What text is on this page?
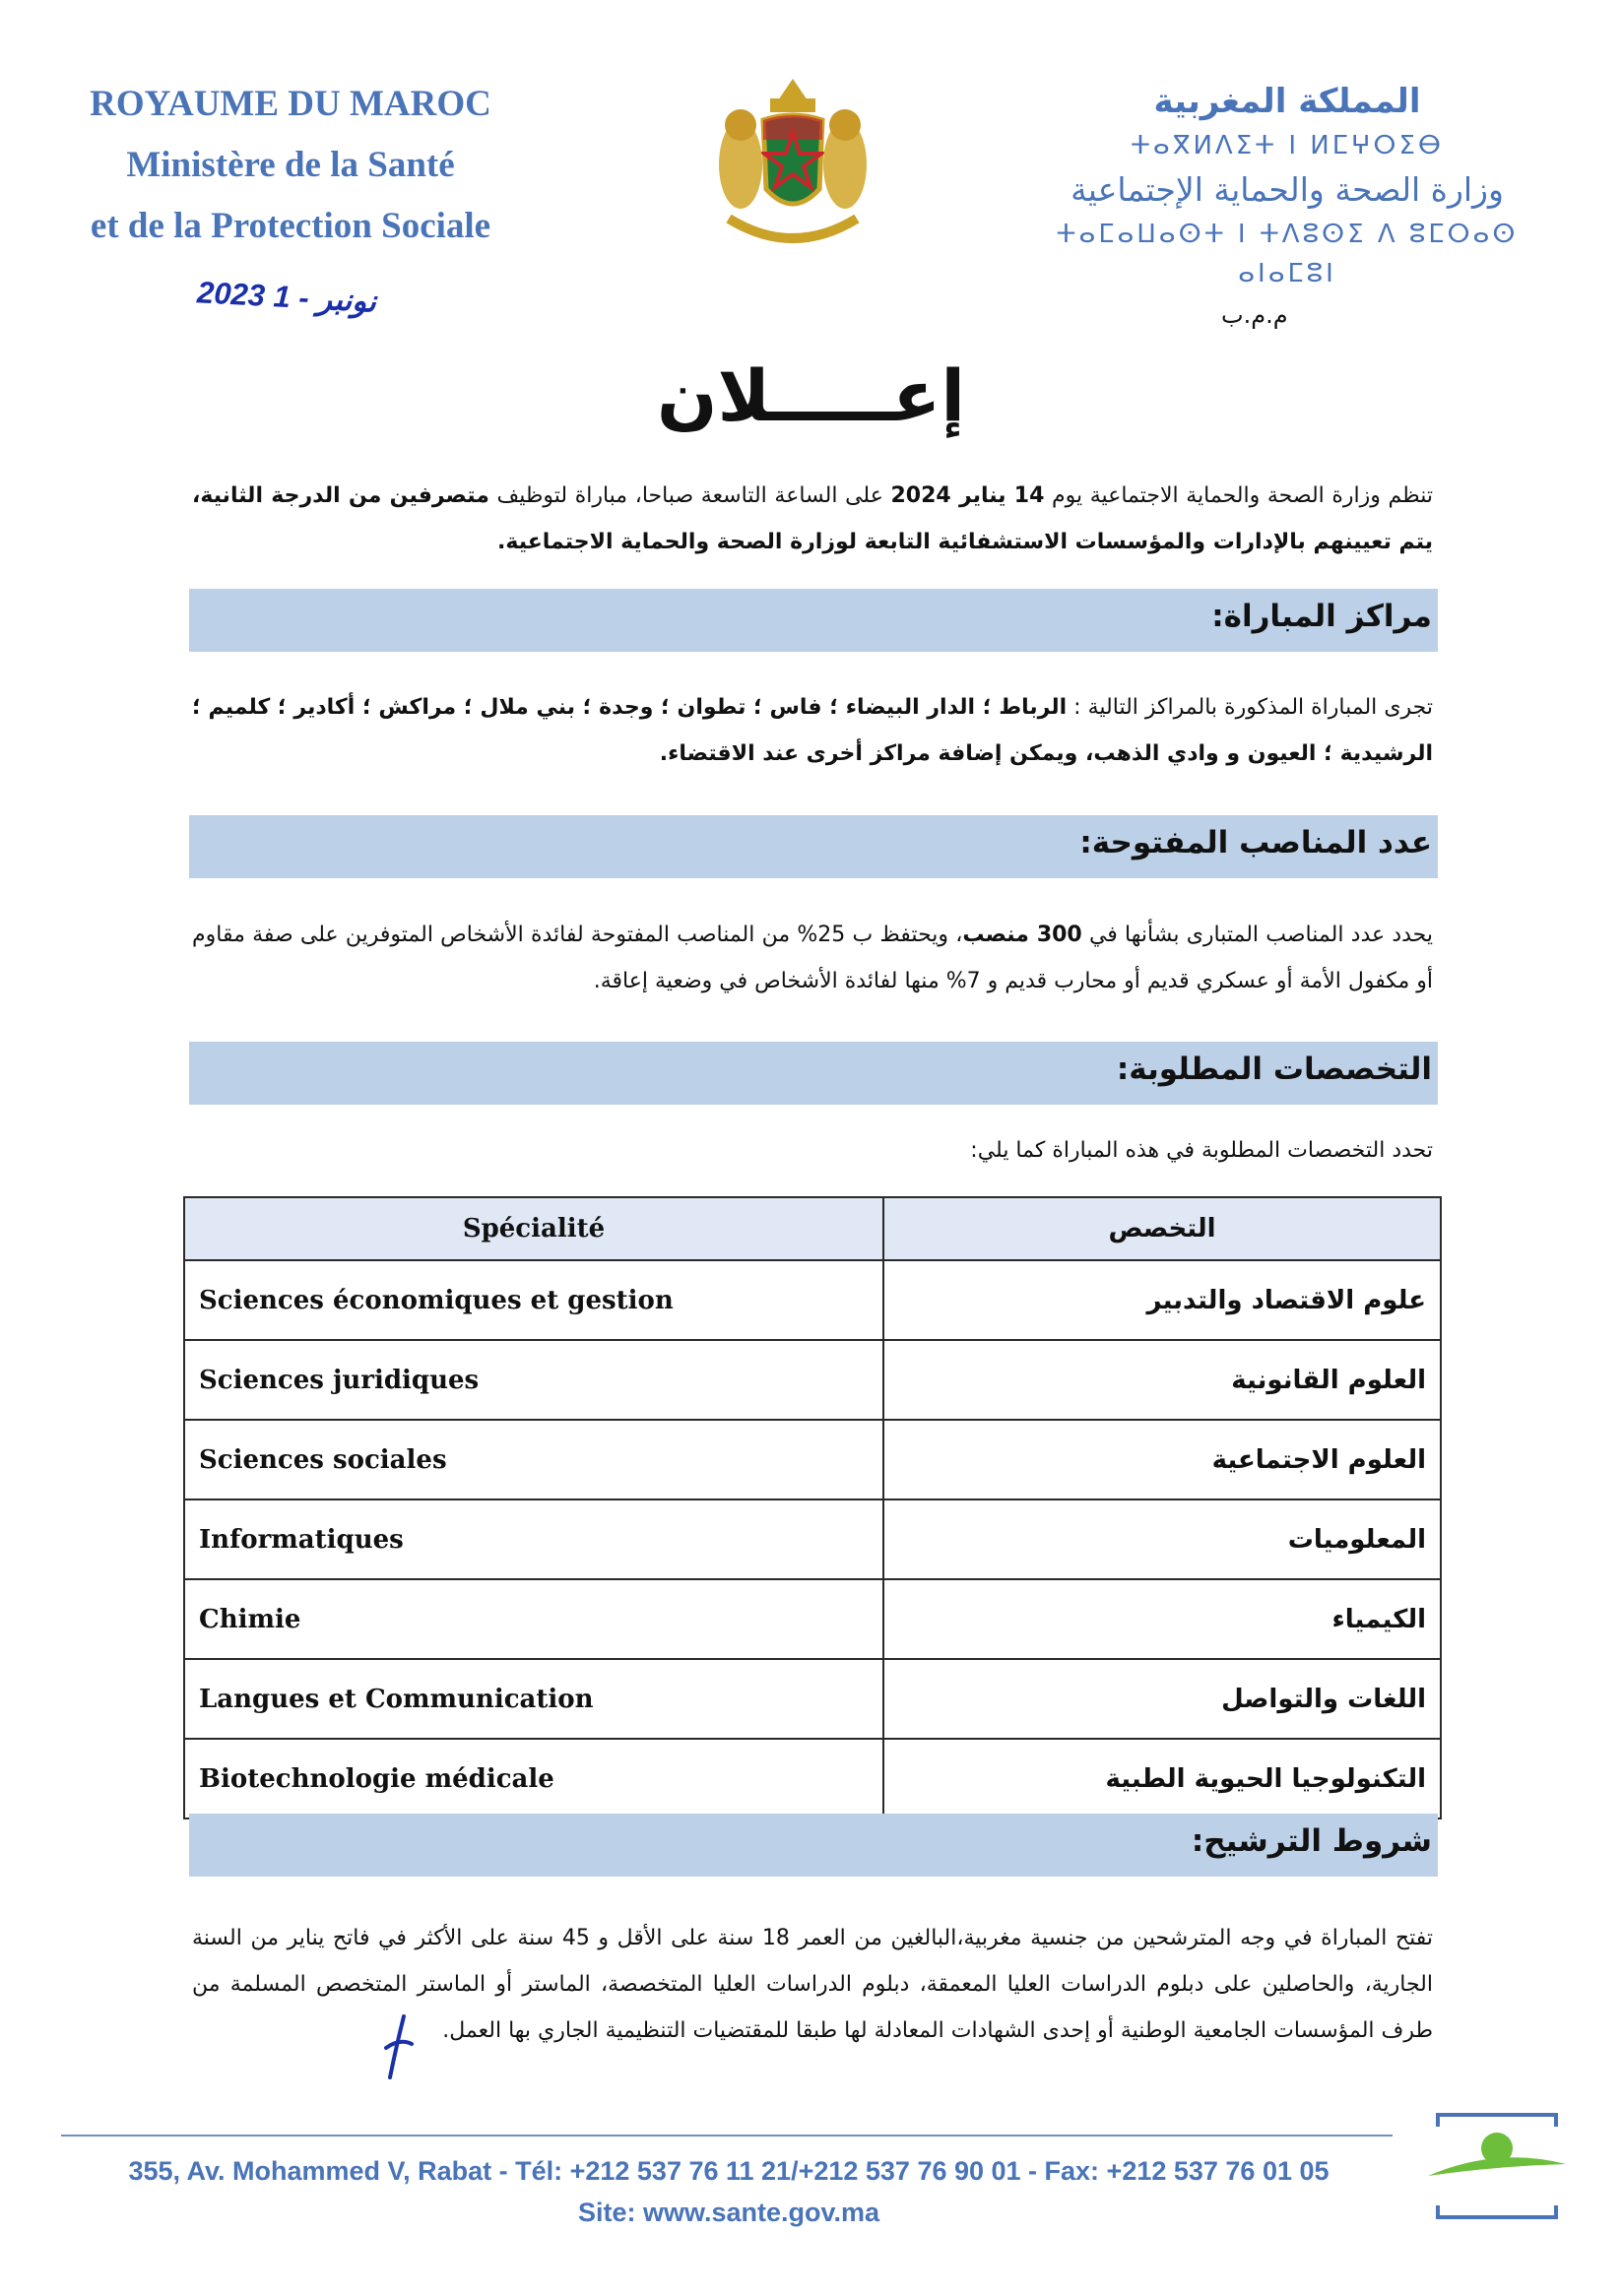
ROYAUME DU MAROC
Ministère de la Santé
et de la Protection Sociale
المملكة المغربية
ⵜⴰⴳⵍⴷⵉⵜ ⵏ ⵍⵎⵖⵔⵉⴱ
وزارة الصحة والحماية الإجتماعية
ⵜⴰⵎⴰⵡⴰⵙⵜ ⵏ ⵜⴷⵓⵙⵉ ⴷ ⵓⵎⵔⴰⵙ ⴰⵏⴰⵎⵓⵏ
2023 نونبر - 1	م.م.ب
إعـــــلان
تنظم وزارة الصحة والحماية الاجتماعية يوم 14 يناير 2024 على الساعة التاسعة صباحا، مباراة لتوظيف متصرفين من الدرجة الثانية، يتم تعيينهم بالإدارات والمؤسسات الاستشفائية التابعة لوزارة الصحة والحماية الاجتماعية.
مراكز المباراة:
تجرى المباراة المذكورة بالمراكز التالية : الرباط ؛ الدار البيضاء ؛ فاس ؛ تطوان ؛ وجدة ؛ بني ملال ؛ مراكش ؛ أكادير ؛ كلميم ؛ الرشيدية ؛ العيون و وادي الذهب، ويمكن إضافة مراكز أخرى عند الاقتضاء.
عدد المناصب المفتوحة:
يحدد عدد المناصب المتبارى بشأنها في 300 منصب، ويحتفظ ب 25% من المناصب المفتوحة لفائدة الأشخاص المتوفرين على صفة مقاوم أو مكفول الأمة أو عسكري قديم أو محارب قديم و 7% منها لفائدة الأشخاص في وضعية إعاقة.
التخصصات المطلوبة:
تحدد التخصصات المطلوبة في هذه المباراة كما يلي:
Spécialité	التخصص
Sciences économiques et gestion	علوم الاقتصاد والتدبير
Sciences juridiques	العلوم القانونية
Sciences sociales	العلوم الاجتماعية
Informatiques	المعلوميات
Chimie	الكيمياء
Langues et Communication	اللغات والتواصل
Biotechnologie médicale	التكنولوجيا الحيوية الطبية
شروط الترشيح:
تفتح المباراة في وجه المترشحين من جنسية مغربية،البالغين من العمر 18 سنة على الأقل و 45 سنة على الأكثر في فاتح يناير من السنة الجارية، والحاصلين على دبلوم الدراسات العليا المعمقة، دبلوم الدراسات العليا المتخصصة، الماستر أو الماستر المتخصص المسلمة من طرف المؤسسات الجامعية الوطنية أو إحدى الشهادات المعادلة لها طبقا للمقتضيات التنظيمية الجاري بها العمل.
355, Av. Mohammed V, Rabat - Tél: +212 537 76 11 21/+212 537 76 90 01 - Fax: +212 537 76 01 05
Site: www.sante.gov.ma
